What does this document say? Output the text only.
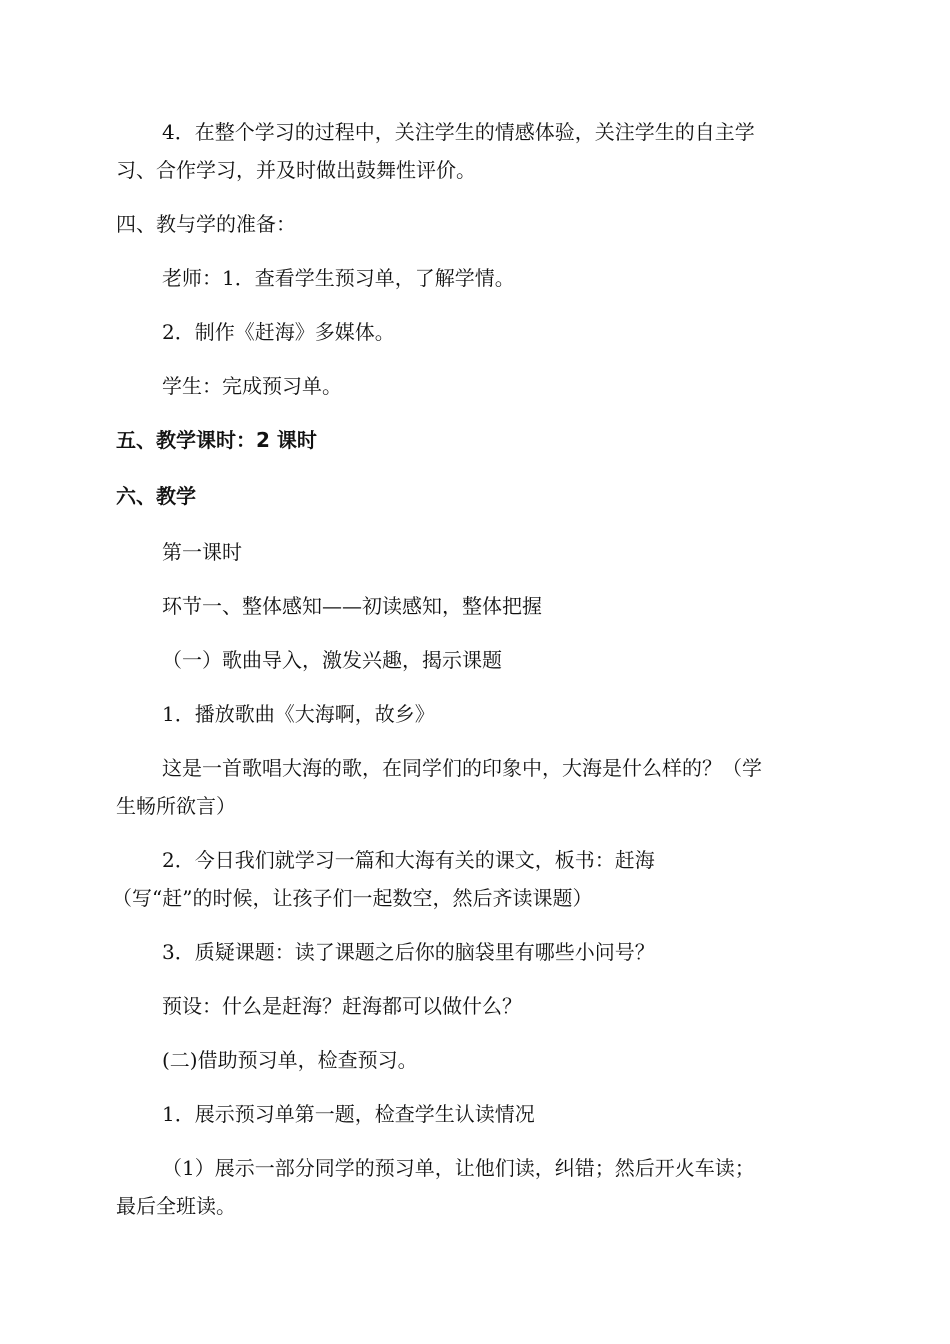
4．在整个学习的过程中，关注学生的情感体验，关注学生的自主学
习、合作学习，并及时做出鼓舞性评价。
四、教与学的准备：
老师：1．查看学生预习单，了解学情。
2．制作《赶海》多媒体。
学生：完成预习单。
五、教学课时：2 课时
六、教学
第一课时
环节一、整体感知——初读感知，整体把握
（一）歌曲导入，激发兴趣，揭示课题
1．播放歌曲《大海啊，故乡》
这是一首歌唱大海的歌，在同学们的印象中，大海是什么样的？（学
生畅所欲言）
2．今日我们就学习一篇和大海有关的课文，板书：赶海
（写“赶”的时候，让孩子们一起数空，然后齐读课题）
3．质疑课题：读了课题之后你的脑袋里有哪些小问号？
预设：什么是赶海？赶海都可以做什么？
(二)借助预习单，检查预习。
1．展示预习单第一题，检查学生认读情况
（1）展示一部分同学的预习单，让他们读，纠错；然后开火车读；
最后全班读。
